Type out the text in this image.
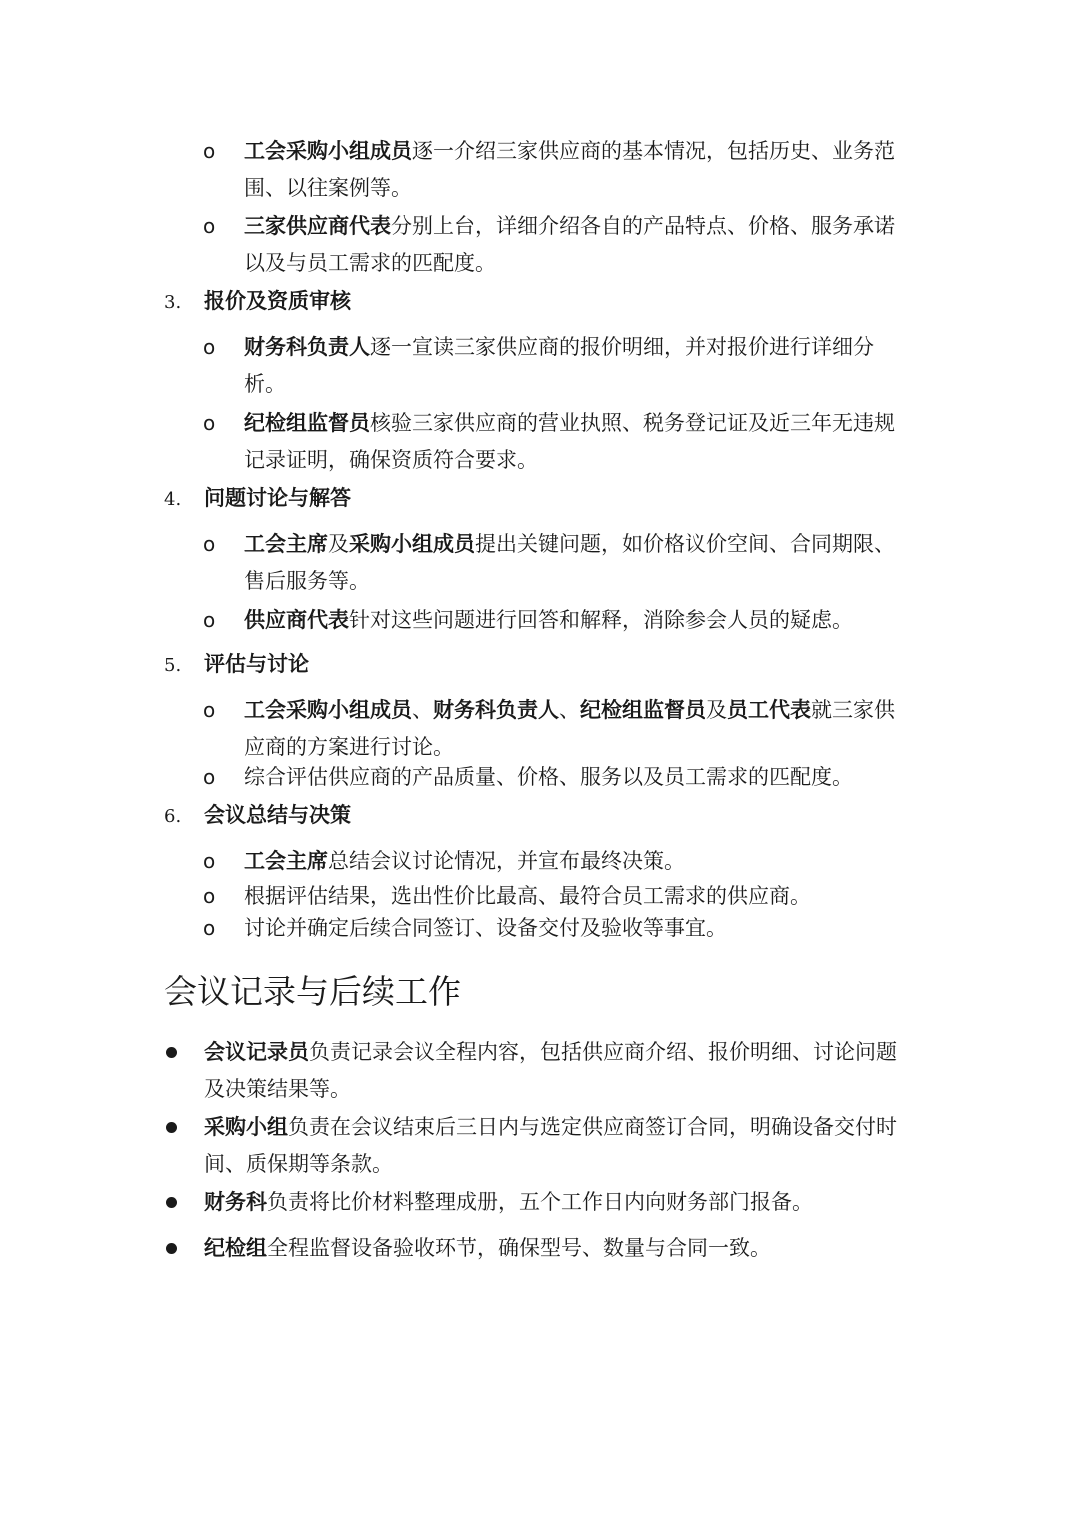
o 工会采购小组成员逐一介绍三家供应商的基本情况，包括历史、业务范围、以往案例等。
o 三家供应商代表分别上台，详细介绍各自的产品特点、价格、服务承诺以及与员工需求的匹配度。
3. 报价及资质审核
o 财务科负责人逐一宣读三家供应商的报价明细，并对报价进行详细分析。
o 纪检组监督员核验三家供应商的营业执照、税务登记证及近三年无违规记录证明，确保资质符合要求。
4. 问题讨论与解答
o 工会主席及采购小组成员提出关键问题，如价格议价空间、合同期限、售后服务等。
o 供应商代表针对这些问题进行回答和解释，消除参会人员的疑虑。
5. 评估与讨论
o 工会采购小组成员、财务科负责人、纪检组监督员及员工代表就三家供应商的方案进行讨论。
o 综合评估供应商的产品质量、价格、服务以及员工需求的匹配度。
6. 会议总结与决策
o 工会主席总结会议讨论情况，并宣布最终决策。
o 根据评估结果，选出性价比最高、最符合员工需求的供应商。
o 讨论并确定后续合同签订、设备交付及验收等事宜。
会议记录与后续工作
会议记录员负责记录会议全程内容，包括供应商介绍、报价明细、讨论问题及决策结果等。
采购小组负责在会议结束后三日内与选定供应商签订合同，明确设备交付时间、质保期等条款。
财务科负责将比价材料整理成册，五个工作日内向财务部门报备。
纪检组全程监督设备验收环节，确保型号、数量与合同一致。
